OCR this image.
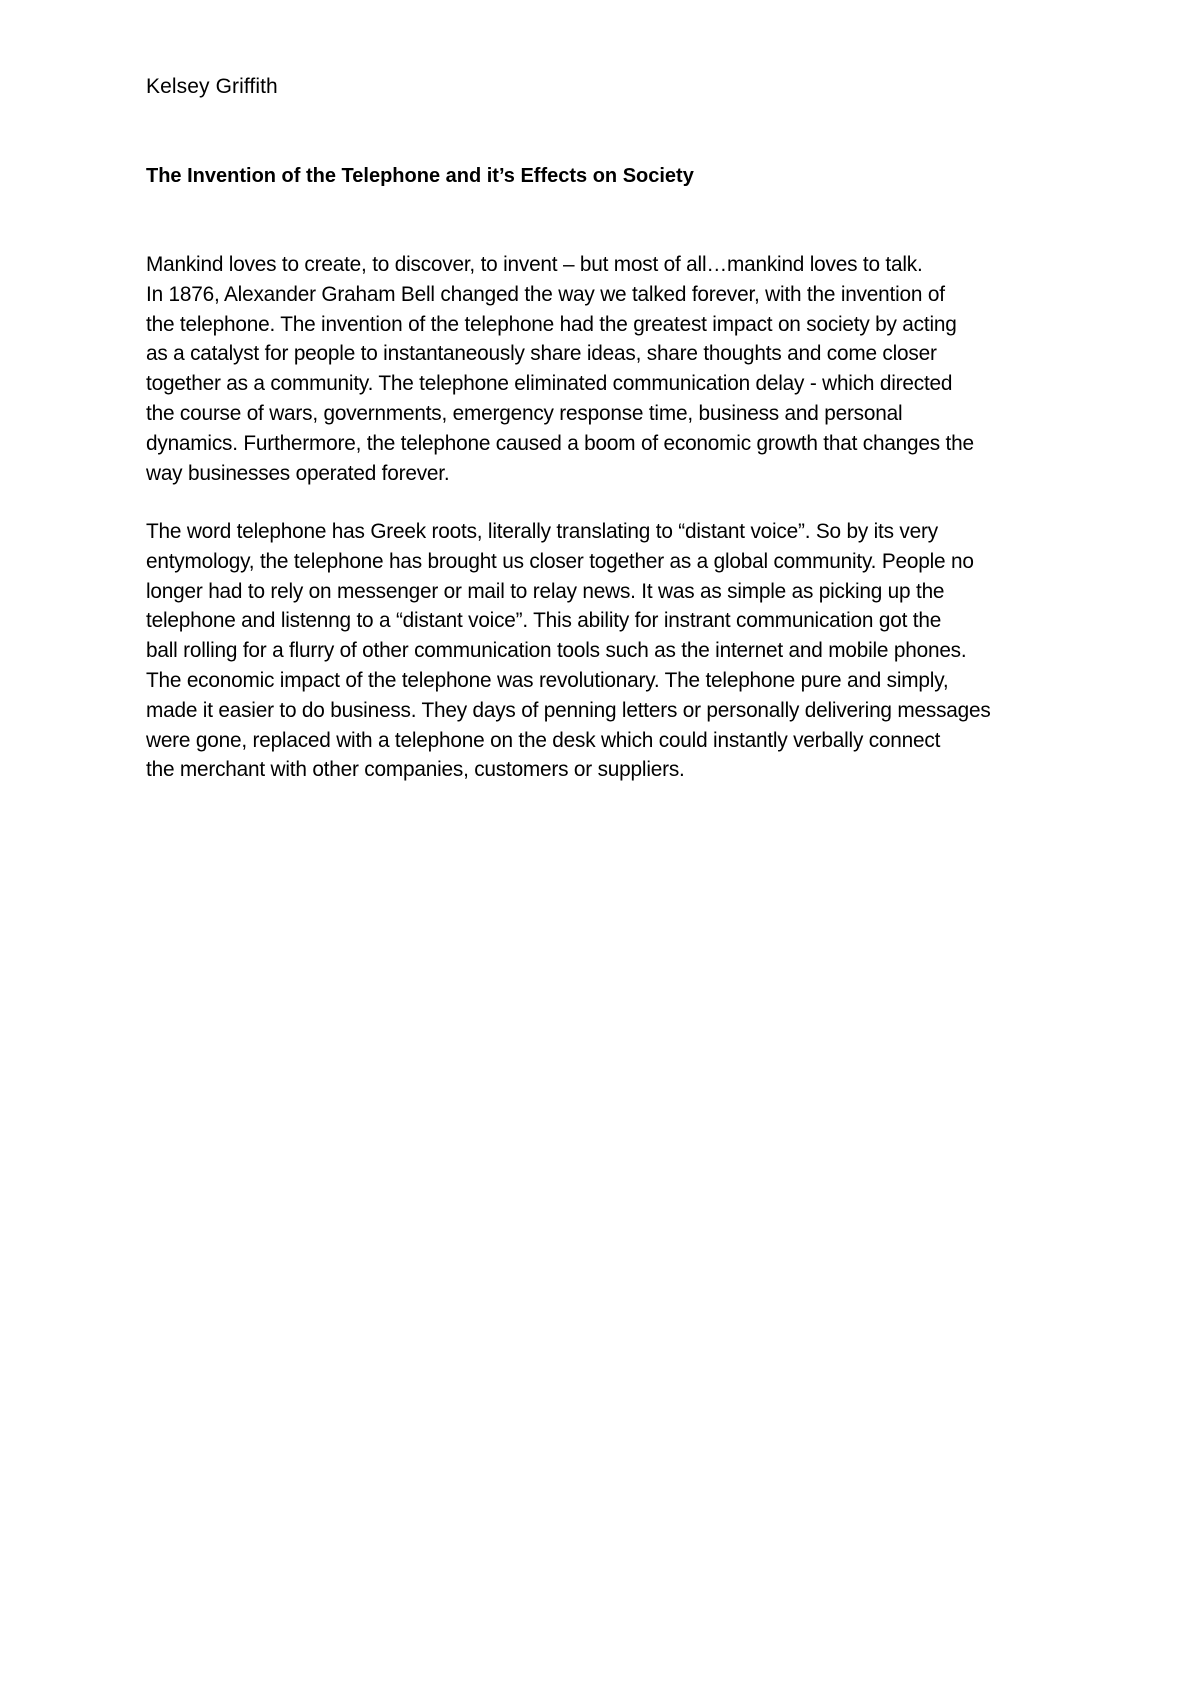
Kelsey Griffith
The Invention of the Telephone and it’s Effects on Society

Mankind loves to create, to discover, to invent – but most of all…mankind loves to talk.
In 1876, Alexander Graham Bell changed the way we talked forever, with the invention of
the telephone. The invention of the telephone had the greatest impact on society by acting
as a catalyst for people to instantaneously share ideas, share thoughts and come closer
together as a community. The telephone eliminated communication delay - which directed
the course of wars, governments, emergency response time, business and personal
dynamics. Furthermore, the telephone caused a boom of economic growth that changes the
way businesses operated forever.

The word telephone has Greek roots, literally translating to “distant voice”. So by its very
entymology, the telephone has brought us closer together as a global community. People no
longer had to rely on messenger or mail to relay news. It was as simple as picking up the
telephone and listenng to a “distant voice”. This ability for instrant communication got the
ball rolling for a flurry of other communication tools such as the internet and mobile phones.
The economic impact of the telephone was revolutionary. The telephone pure and simply,
made it easier to do business. They days of penning letters or personally delivering messages
were gone, replaced with a telephone on the desk which could instantly verbally connect
the merchant with other companies, customers or suppliers.
